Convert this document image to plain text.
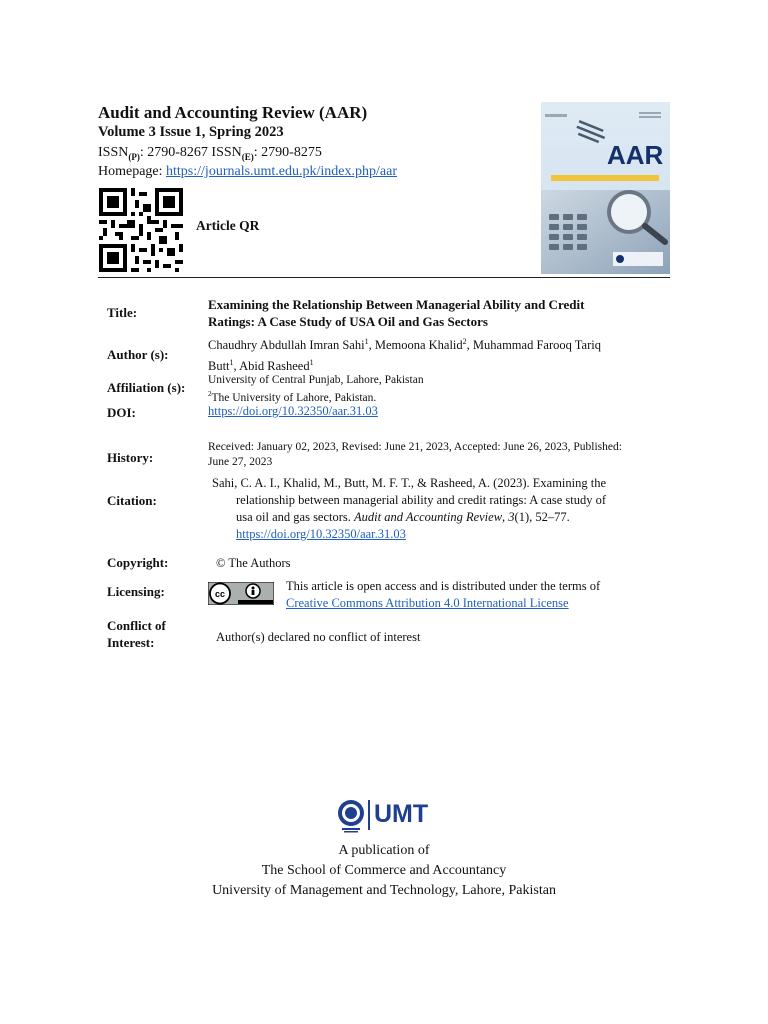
Audit and Accounting Review (AAR)
Volume 3 Issue 1, Spring 2023
$ISSN_{(P)}$: 2790-8267 $ISSN_{(E)}$: 2790-8275
Homepage: https://journals.umt.edu.pk/index.php/aar
Article QR
AAR
Title:
Examining the Relationship Between Managerial Ability and Credit
Ratings: A Case Study of USA Oil and Gas Sectors
Author (s):
Chaudhry Abdullah Imran Sahi$^1$, Memoona Khalid$^2$, Muhammad Farooq Tariq
Butt$^1$, Abid Rasheed$^1$
Affiliation (s): University of Central Punjab, Lahore, Pakistan
$^2$The University of Lahore, Pakistan.
DOI:	https://doi.org/10.32350/aar.31.03
History:
Received: January 02, 2023, Revised: June 21, 2023, Accepted: June 26, 2023, Published:
June 27, 2023
Citation:
Sahi, C. A. I., Khalid, M., Butt, M. F. T., & Rasheed, A. (2023). Examining the
relationship between managerial ability and credit ratings: A case study of
usa oil and gas sectors. Audit and Accounting Review, 3(1), 52–77.
https://doi.org/10.32350/aar.31.03
Copyright:	© The Authors
Licensing:	cc
This article is open access and is distributed under the terms of
Creative Commons Attribution 4.0 International License
Conflict of
Interest:	Author(s) declared no conflict of interest
UMT
A publication of
The School of Commerce and Accountancy
University of Management and Technology, Lahore, Pakistan
